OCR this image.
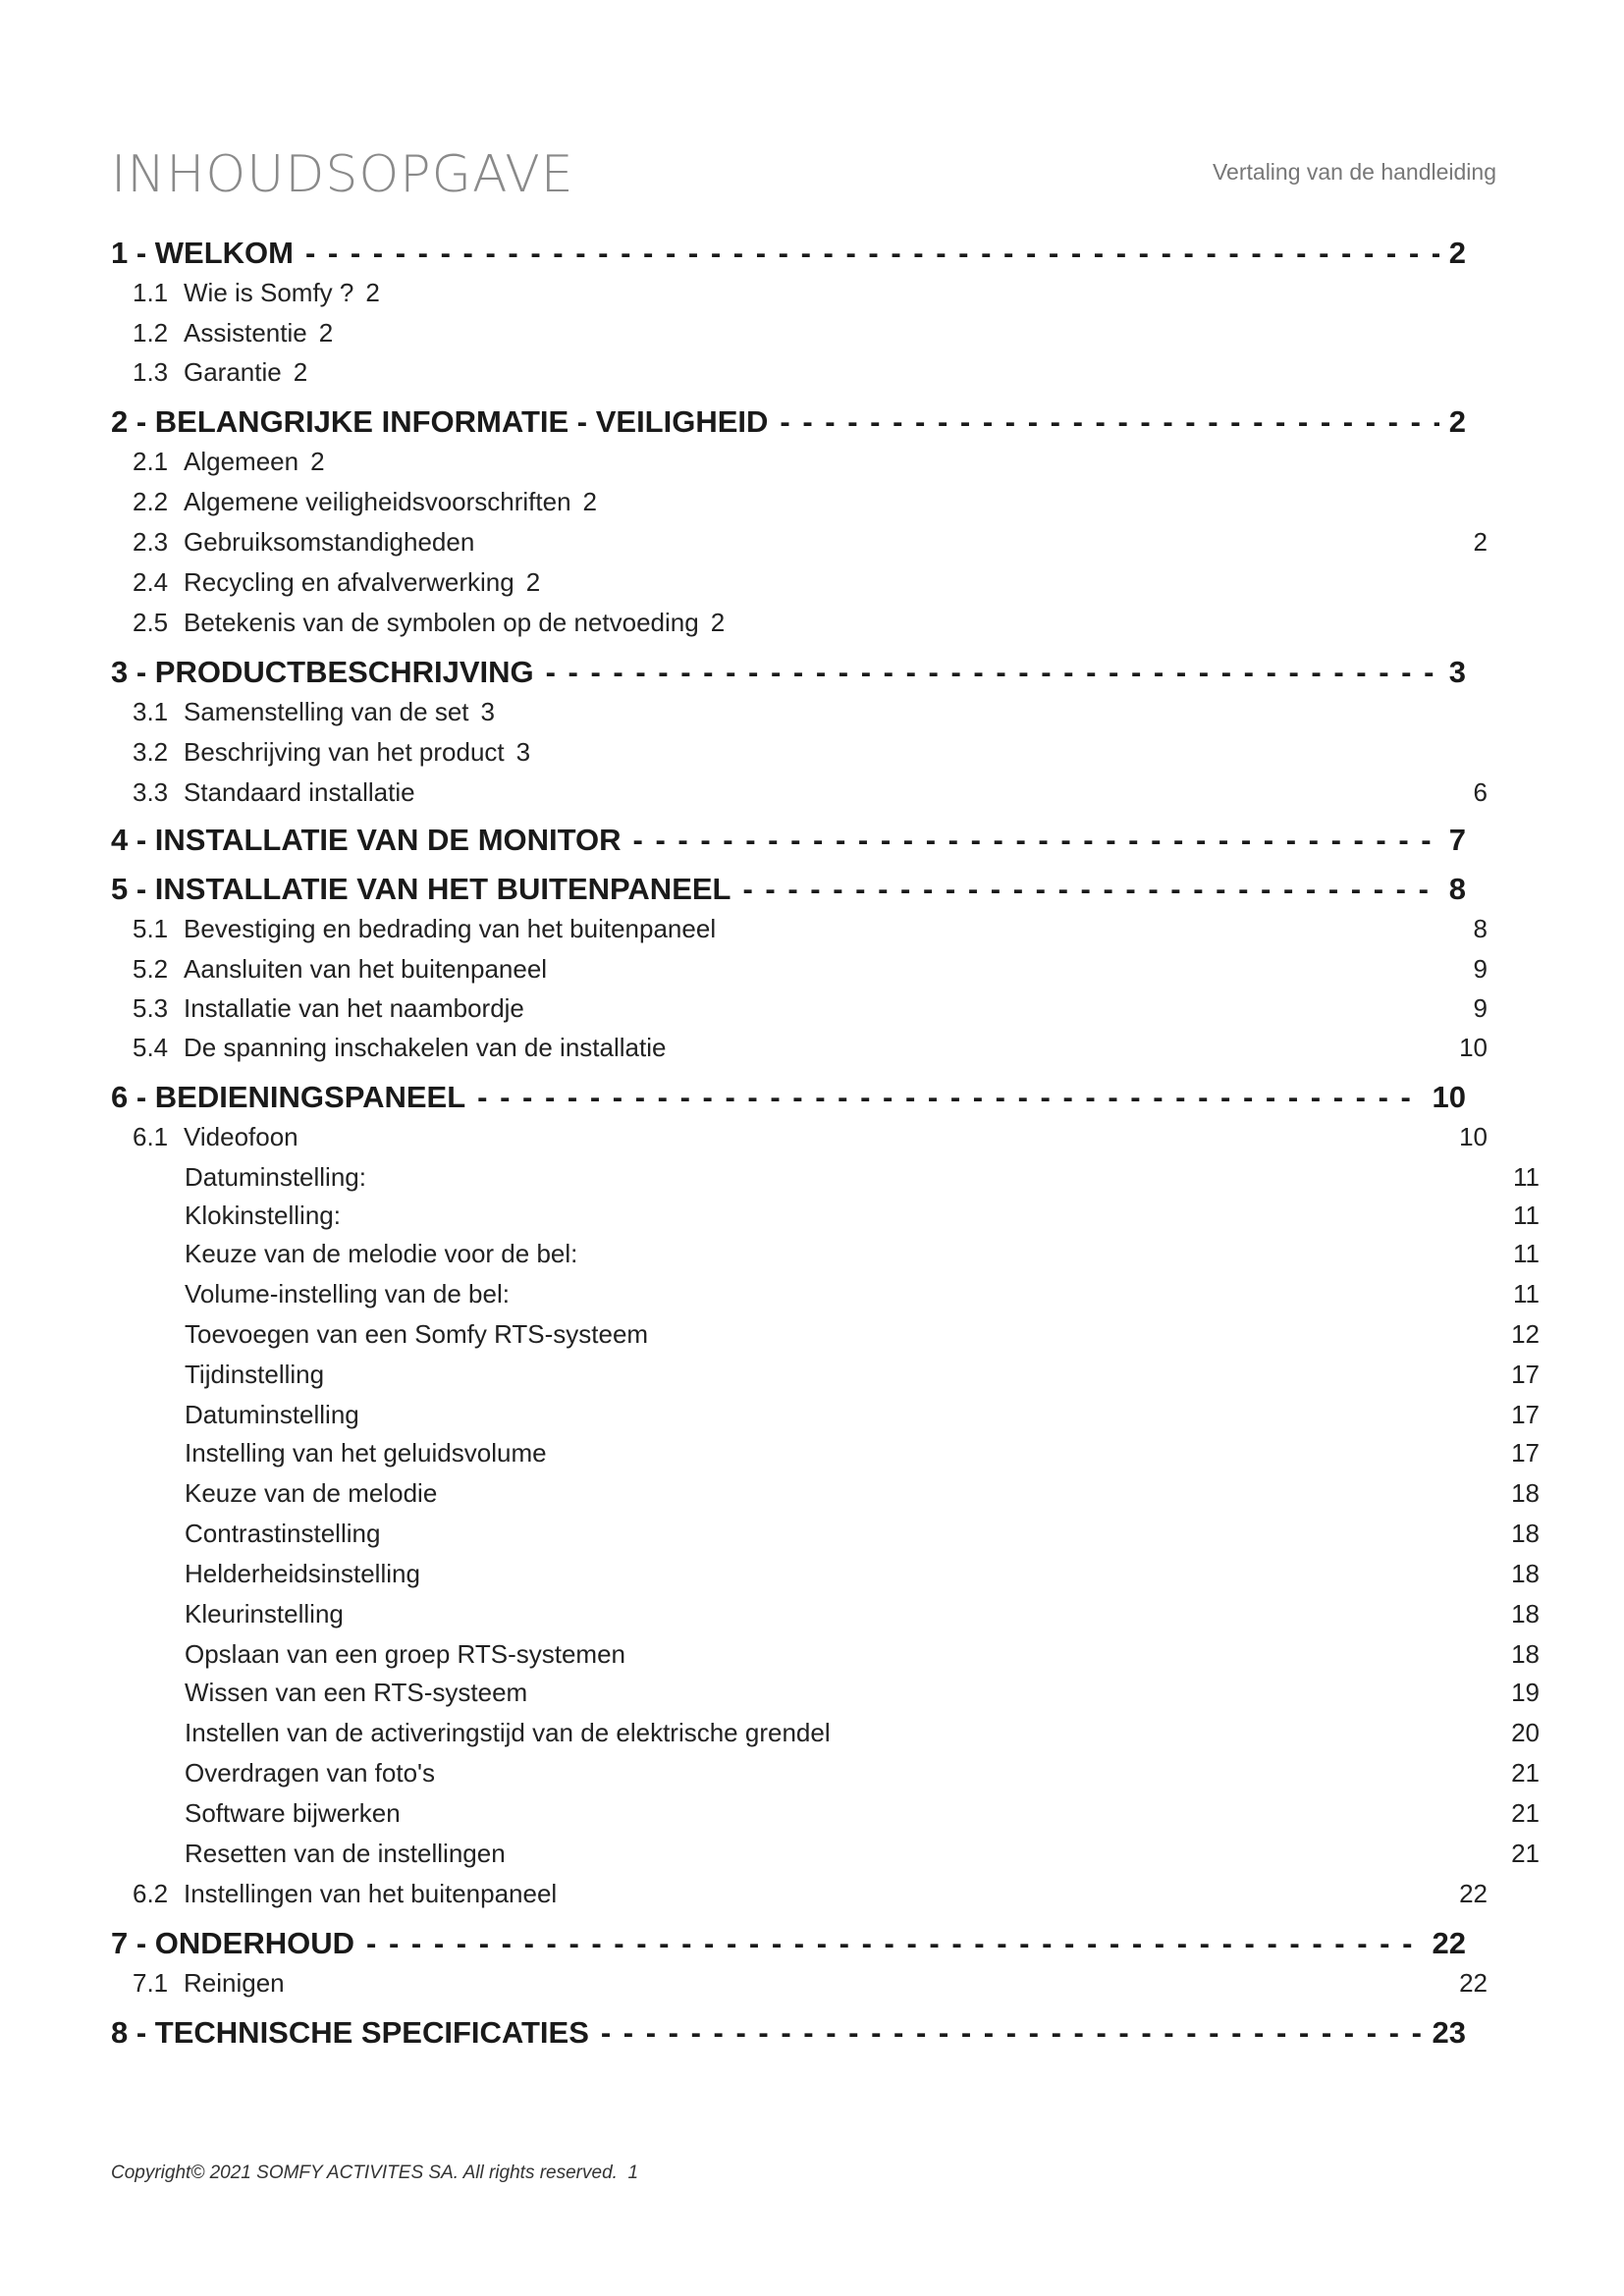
INHOUDSOPGAVE	Vertaling van de handleiding
1 - WELKOM - - -	2
1.1 Wie is Somfy ? 2
1.2 Assistentie 2
1.3 Garantie 2
2 - BELANGRIJKE INFORMATIE - VEILIGHEID - - -	2
2.1 Algemeen 2
2.2 Algemene veiligheidsvoorschriften 2
2.3 Gebruiksomstandigheden	2
2.4 Recycling en afvalverwerking 2
2.5 Betekenis van de symbolen op de netvoeding 2
3 - PRODUCTBESCHRIJVING - - -	3
3.1 Samenstelling van de set 3
3.2 Beschrijving van het product 3
3.3 Standaard installatie	6
4 - INSTALLATIE VAN DE MONITOR - - -	7
5 - INSTALLATIE VAN HET BUITENPANEEL - - -	8
5.1 Bevestiging en bedrading van het buitenpaneel	8
5.2 Aansluiten van het buitenpaneel	9
5.3 Installatie van het naambordje	9
5.4 De spanning inschakelen van de installatie	10
6 - BEDIENINGSPANEEL - - -	10
6.1 Videofoon	10
Datuminstelling:	11
Klokinstelling:	11
Keuze van de melodie voor de bel:	11
Volume-instelling van de bel:	11
Toevoegen van een Somfy RTS-systeem	12
Tijdinstelling	17
Datuminstelling	17
Instelling van het geluidsvolume	17
Keuze van de melodie	18
Contrastinstelling	18
Helderheidsinstelling	18
Kleurinstelling	18
Opslaan van een groep RTS-systemen	18
Wissen van een RTS-systeem	19
Instellen van de activeringstijd van de elektrische grendel	20
Overdragen van foto's	21
Software bijwerken	21
Resetten van de instellingen	21
6.2 Instellingen van het buitenpaneel	22
7 - ONDERHOUD - - -	22
7.1 Reinigen	22
8 - TECHNISCHE SPECIFICATIES - - -	23
Copyright© 2021 SOMFY ACTIVITES SA. All rights reserved. 1
